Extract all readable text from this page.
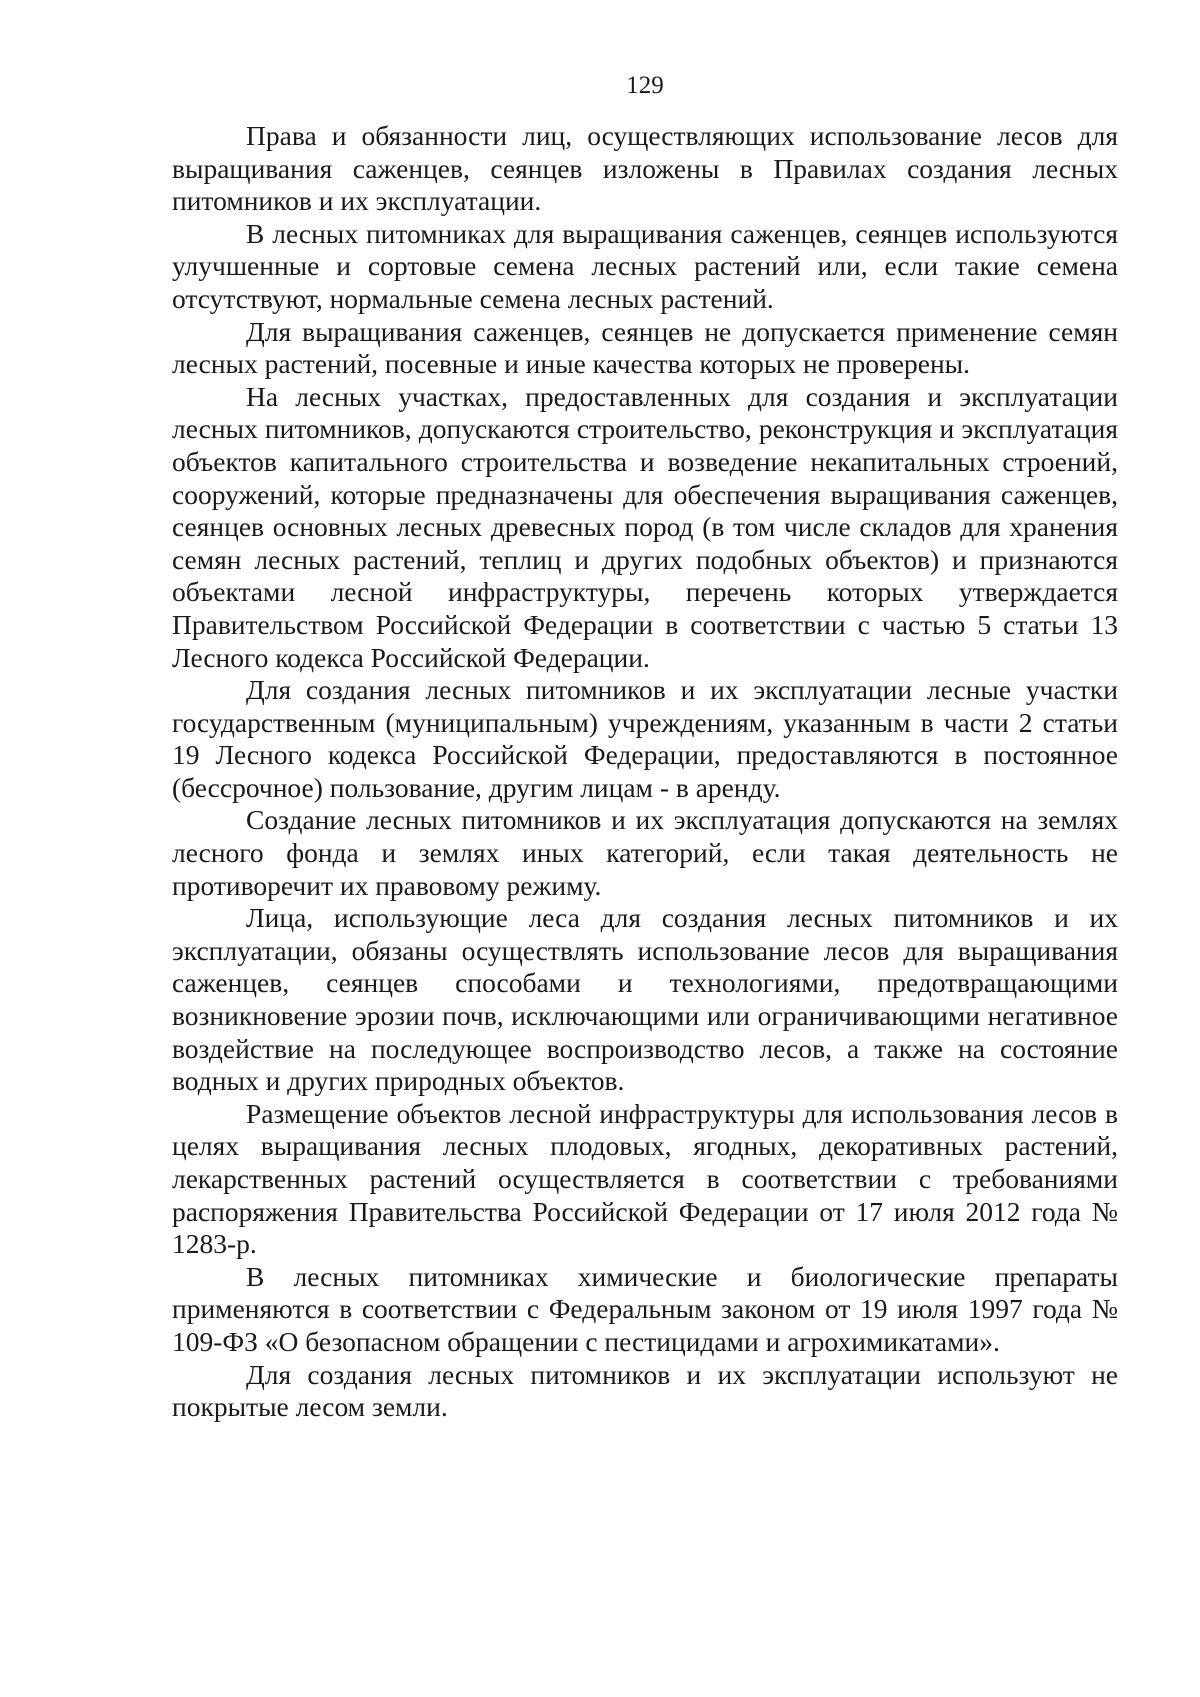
129

Права и обязанности лиц, осуществляющих использование лесов для выращивания саженцев, сеянцев изложены в Правилах создания лесных питомников и их эксплуатации.

В лесных питомниках для выращивания саженцев, сеянцев используются улучшенные и сортовые семена лесных растений или, если такие семена отсутствуют, нормальные семена лесных растений.

Для выращивания саженцев, сеянцев не допускается применение семян лесных растений, посевные и иные качества которых не проверены.

На лесных участках, предоставленных для создания и эксплуатации лесных питомников, допускаются строительство, реконструкция и эксплуатация объектов капитального строительства и возведение некапитальных строений, сооружений, которые предназначены для обеспечения выращивания саженцев, сеянцев основных лесных древесных пород (в том числе складов для хранения семян лесных растений, теплиц и других подобных объектов) и признаются объектами лесной инфраструктуры, перечень которых утверждается Правительством Российской Федерации в соответствии с частью 5 статьи 13 Лесного кодекса Российской Федерации.

Для создания лесных питомников и их эксплуатации лесные участки государственным (муниципальным) учреждениям, указанным в части 2 статьи 19 Лесного кодекса Российской Федерации, предоставляются в постоянное (бессрочное) пользование, другим лицам - в аренду.

Создание лесных питомников и их эксплуатация допускаются на землях лесного фонда и землях иных категорий, если такая деятельность не противоречит их правовому режиму.

Лица, использующие леса для создания лесных питомников и их эксплуатации, обязаны осуществлять использование лесов для выращивания саженцев, сеянцев способами и технологиями, предотвращающими возникновение эрозии почв, исключающими или ограничивающими негативное воздействие на последующее воспроизводство лесов, а также на состояние водных и других природных объектов.

Размещение объектов лесной инфраструктуры для использования лесов в целях выращивания лесных плодовых, ягодных, декоративных растений, лекарственных растений осуществляется в соответствии с требованиями распоряжения Правительства Российской Федерации от 17 июля 2012 года № 1283-р.

В лесных питомниках химические и биологические препараты применяются в соответствии с Федеральным законом от 19 июля 1997 года № 109-ФЗ «О безопасном обращении с пестицидами и агрохимикатами».

Для создания лесных питомников и их эксплуатации используют не покрытые лесом земли.
